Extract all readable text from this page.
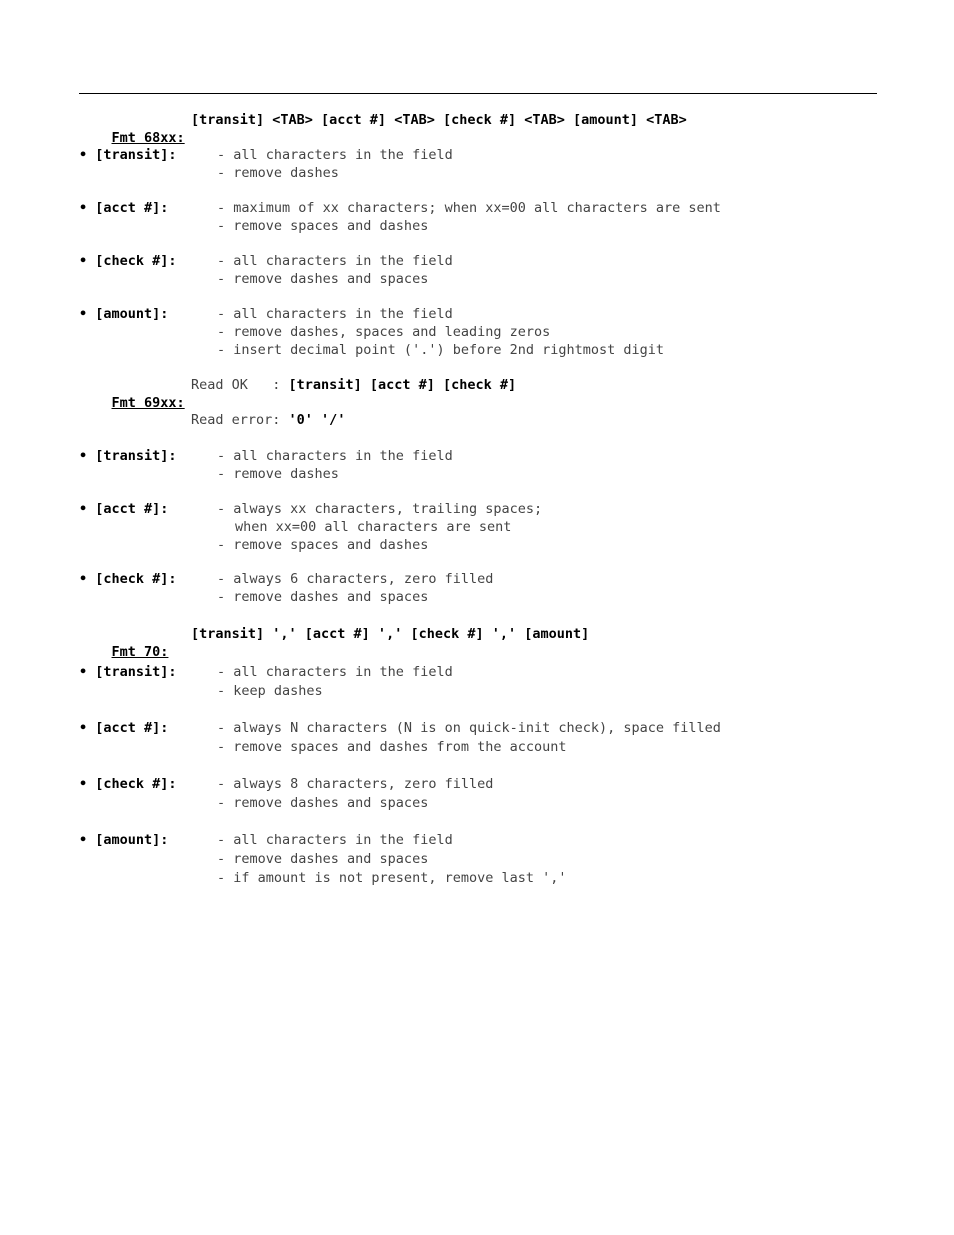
Fmt 68xx:

[transit] <TAB> [acct #] <TAB> [check #] <TAB> [amount] <TAB>

• [transit]:	- all characters in the field
- remove dashes
• [acct #]:	- maximum of xx characters; when xx=00 all characters are sent
- remove spaces and dashes
• [check #]:	- all characters in the field
- remove dashes and spaces
• [amount]:	- all characters in the field
- remove dashes, spaces and leading zeros
- insert decimal point ('.') before 2nd rightmost digit

Fmt 69xx:

Read OK   : [transit] [acct #] [check #]
Read error: '0' '/'
• [transit]:	- all characters in the field
- remove dashes
• [acct #]:	- always xx characters, trailing spaces;
when xx=00 all characters are sent
- remove spaces and dashes
• [check #]:	- always 6 characters, zero filled
- remove dashes and spaces

Fmt 70:

[transit] ',' [acct #] ',' [check #] ',' [amount]

• [transit]:	- all characters in the field
- keep dashes
• [acct #]:	- always N characters (N is on quick-init check), space filled
- remove spaces and dashes from the account
• [check #]:	- always 8 characters, zero filled
- remove dashes and spaces
• [amount]:	- all characters in the field
- remove dashes and spaces
- if amount is not present, remove last ','
